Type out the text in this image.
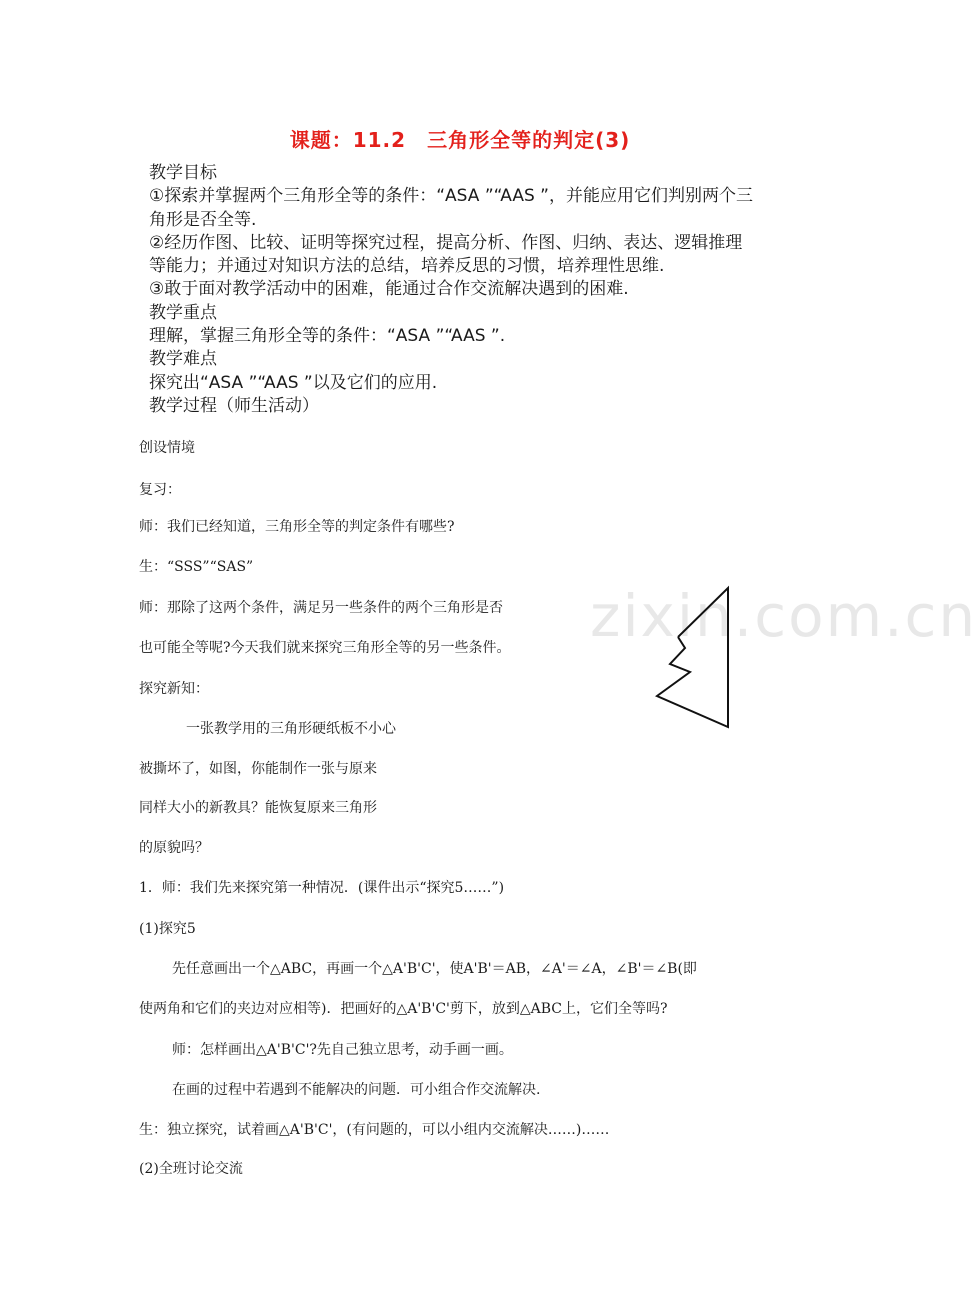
课题：11.2　三角形全等的判定(3)
教学目标
①探索并掌握两个三角形全等的条件：“ASA ”“AAS ”，并能应用它们判别两个三
角形是否全等.
②经历作图、比较、证明等探究过程，提高分析、作图、归纳、表达、逻辑推理
等能力；并通过对知识方法的总结，培养反思的习惯，培养理性思维.
③敢于面对教学活动中的困难，能通过合作交流解决遇到的困难.
教学重点
理解，掌握三角形全等的条件：“ASA ”“AAS ”.
教学难点
探究出“ASA ”“AAS ”以及它们的应用.
教学过程（师生活动）
zixin.com.cn
创设情境
复习：
师：我们已经知道，三角形全等的判定条件有哪些?
生：“SSS”“SAS”
师：那除了这两个条件，满足另一些条件的两个三角形是否
也可能全等呢?今天我们就来探究三角形全等的另一些条件。
探究新知：
一张教学用的三角形硬纸板不小心
被撕坏了，如图，你能制作一张与原来
同样大小的新教具？能恢复原来三角形
的原貌吗？
1．师：我们先来探究第一种情况．(课件出示“探究5……”)
(1)探究5
先任意画出一个△ABC，再画一个△A'B'C'，使A'B'＝AB，∠A'＝∠A，∠B'＝∠B(即
使两角和它们的夹边对应相等)．把画好的△A'B'C'剪下，放到△ABC上，它们全等吗?
师：怎样画出△A'B'C'?先自己独立思考，动手画一画。
在画的过程中若遇到不能解决的问题．可小组合作交流解决.
生：独立探究，试着画△A'B'C'，(有问题的，可以小组内交流解决……)……
(2)全班讨论交流
